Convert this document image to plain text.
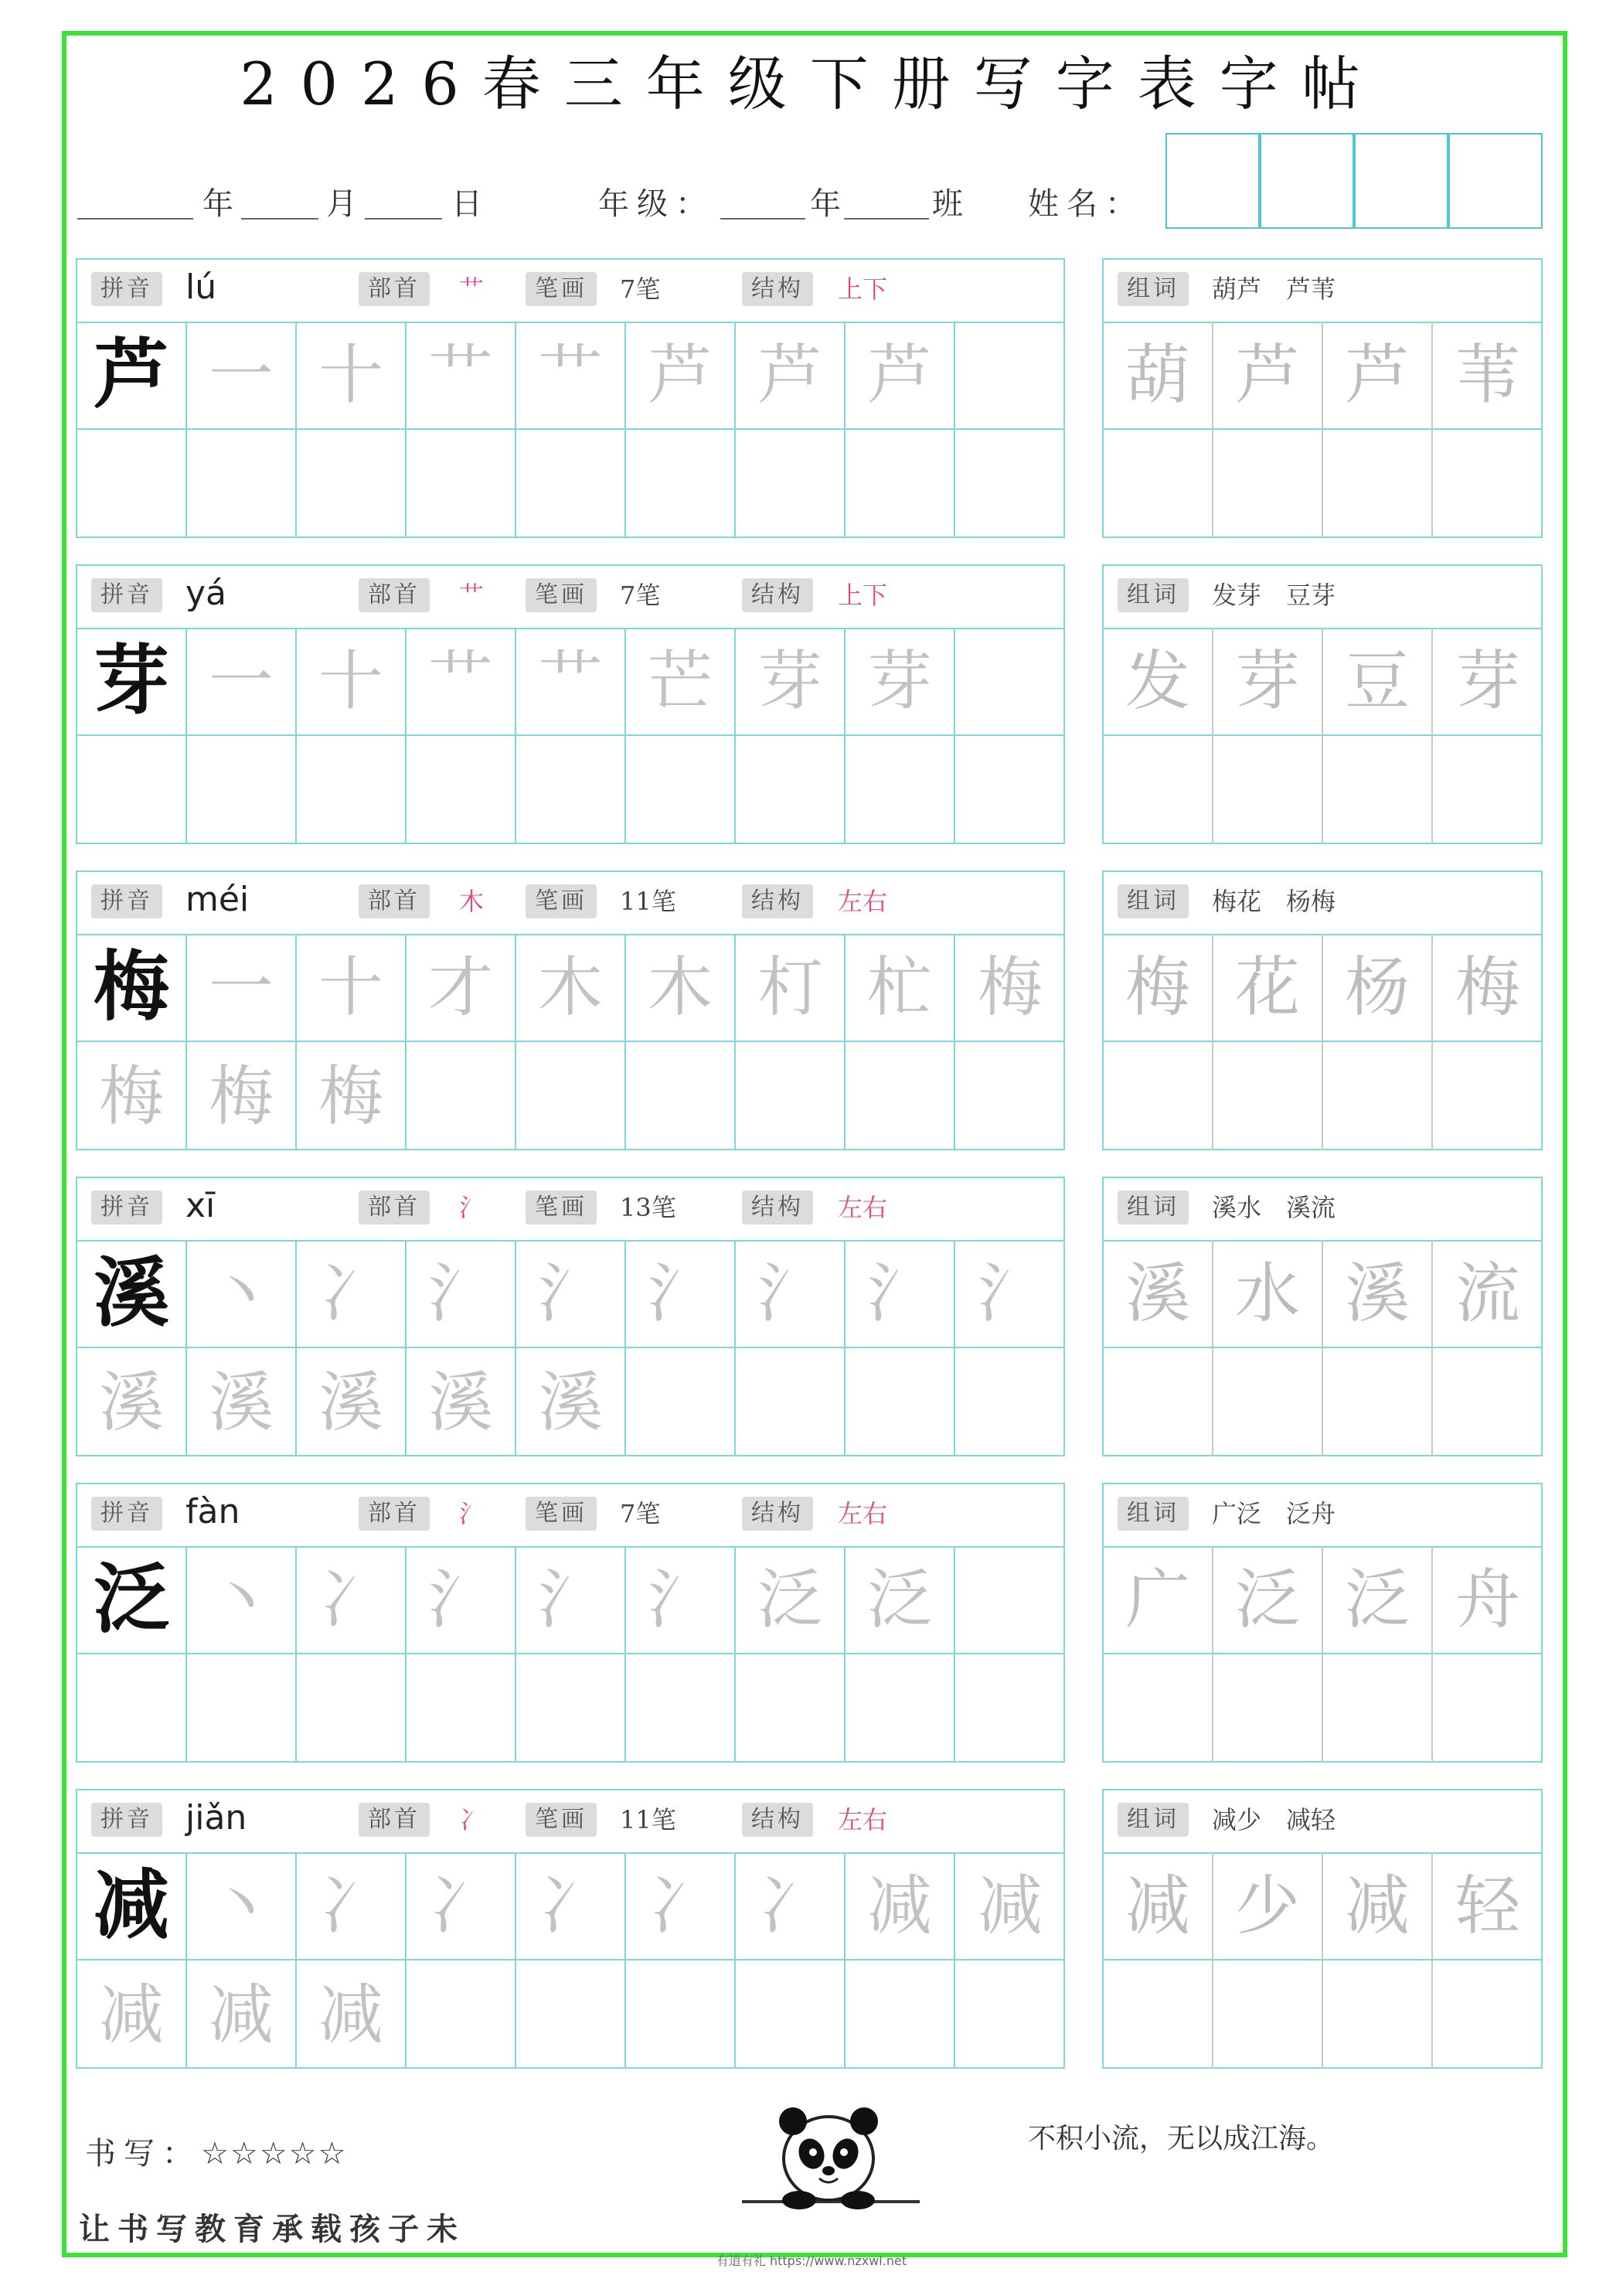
2026春三年级下册写字表字帖
年	月	日	年级：	年	班 姓名：
拼音 lú	部首	艹	笔画	7笔	结构	上下
芦 一 十 艹 艹 芦 芦 芦
组词	葫芦　芦苇
葫 芦 芦 苇
拼音 yá	部首	艹	笔画	7笔	结构	上下
芽 一 十 艹 艹 芒 芽 芽
组词	发芽　豆芽
发 芽 豆 芽
拼音 méi	部首	木	笔画	11笔	结构	左右
梅 一 十 才 木 木 朾 杧 梅
梅 梅 梅
组词	梅花　杨梅
梅 花 杨 梅
拼音 xī	部首	氵	笔画	13笔	结构	左右
溪 丶 冫 氵 氵 氵 氵 氵 氵
溪 溪 溪 溪 溪
组词	溪水　溪流
溪 水 溪 流
拼音 fàn	部首	氵	笔画	7笔	结构	左右
泛 丶 冫 氵 氵 氵 泛 泛
组词	广泛　泛舟
广 泛 泛 舟
拼音 jiǎn	部首	冫	笔画	11笔	结构	左右
减 丶 冫 冫 冫 冫 冫 减 减
减 减 减
组词	减少　减轻
减 少 减 轻
书写：☆☆☆☆☆
让书写教育承载孩子未
不积小流，无以成江海。
有道有礼 https://www.nzxwl.net
